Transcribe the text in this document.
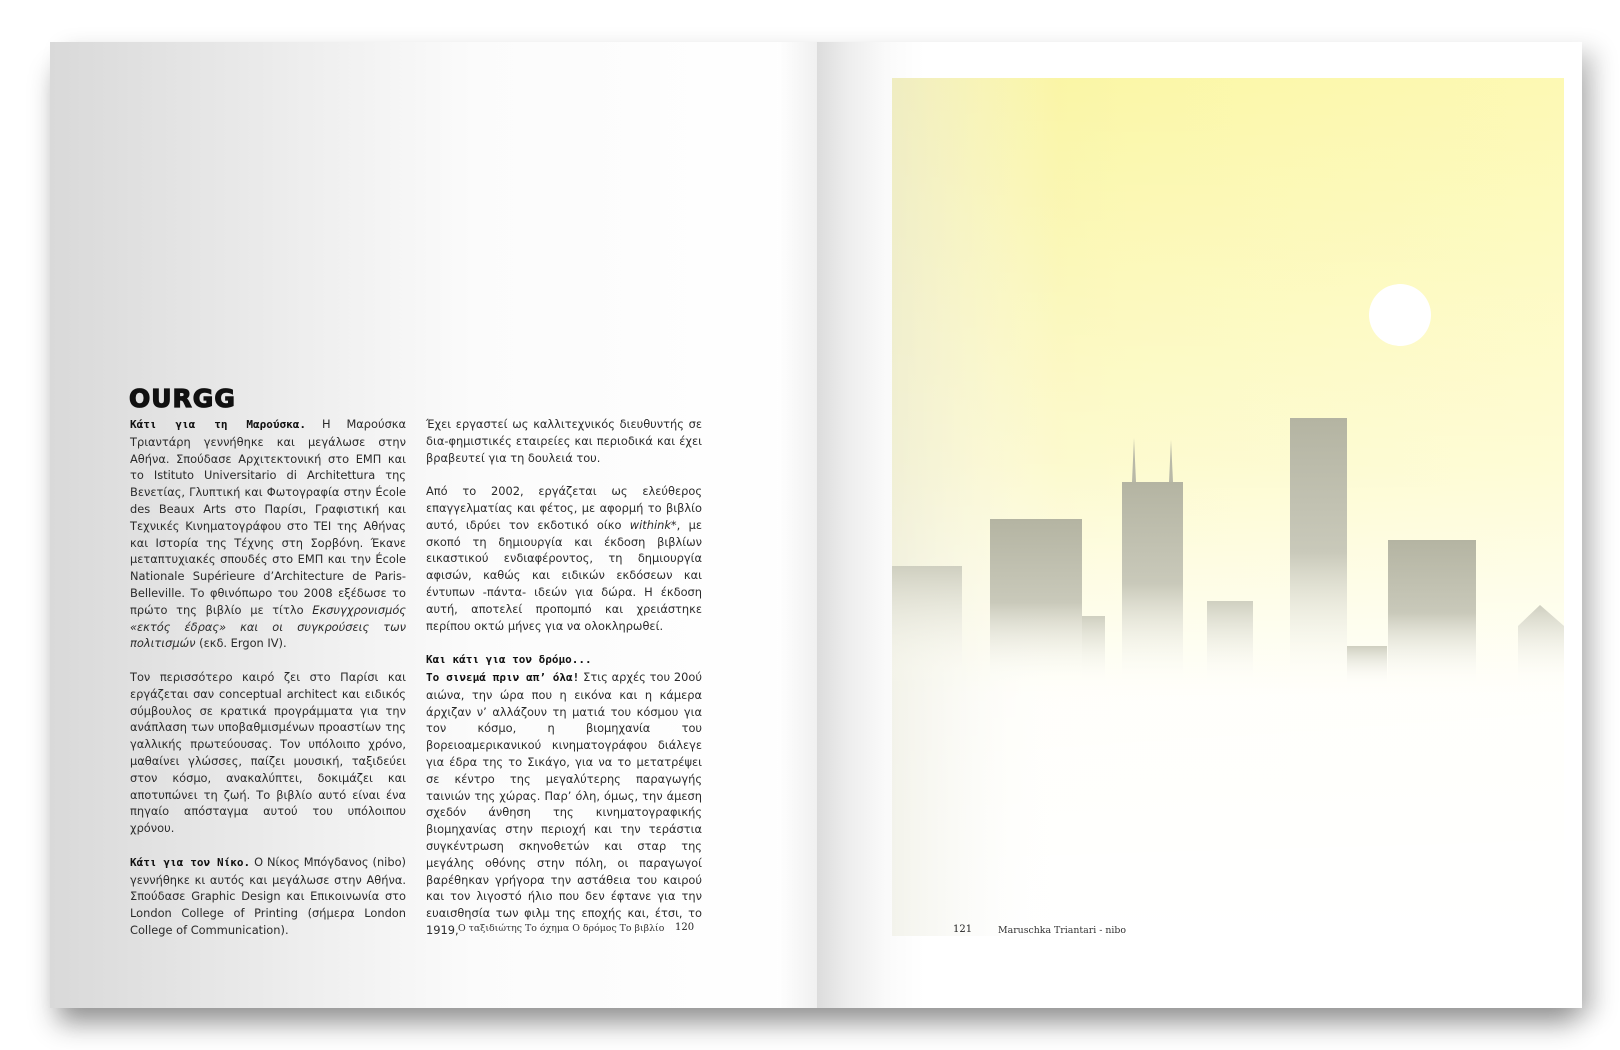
OURGG

Κάτι για τη Μαρούσκα. Η Μαρούσκα Τριαντάρη γεννήθηκε και μεγάλωσε στην Αθήνα. Σπούδασε Αρχιτεκτονική στο ΕΜΠ και το Istituto Universitario di Architettura της Βενετίας, Γλυπτική και Φωτογραφία στην École des Beaux Arts στο Παρίσι, Γραφιστική και Τεχνικές Κινηματογράφου στο ΤΕΙ της Αθήνας και Ιστορία της Τέχνης στη Σορβόνη. Έκανε μεταπτυχιακές σπουδές στο ΕΜΠ και την École Nationale Supérieure d’Architecture de Paris-Belleville. Το φθινόπωρο του 2008 εξέδωσε το πρώτο της βιβλίο με τίτλο Εκσυγχρονισμός «εκτός έδρας» και οι συγκρούσεις των πολιτισμών (εκδ. Ergon IV).

Τον περισσότερο καιρό ζει στο Παρίσι και εργάζεται σαν conceptual architect και ειδικός σύμβουλος σε κρατικά προγράμματα για την ανάπλαση των υποβαθμισμένων προαστίων της γαλλικής πρωτεύουσας. Τον υπόλοιπο χρόνο, μαθαίνει γλώσσες, παίζει μουσική, ταξιδεύει στον κόσμο, ανακαλύπτει, δοκιμάζει και αποτυπώνει τη ζωή. Το βιβλίο αυτό είναι ένα πηγαίο απόσταγμα αυτού του υπόλοιπου χρόνου.

Κάτι για τον Νίκο. Ο Νίκος Μπόγδανος (nibo) γεννήθηκε κι αυτός και μεγάλωσε στην Αθήνα. Σπούδασε Graphic Design και Επικοινωνία στο London College of Printing (σήμερα London College of Communication).

Έχει εργαστεί ως καλλιτεχνικός διευθυντής σε δια-φημιστικές εταιρείες και περιοδικά και έχει βραβευτεί για τη δουλειά του.

Από το 2002, εργάζεται ως ελεύθερος επαγγελματίας και φέτος, με αφορμή το βιβλίο αυτό, ιδρύει τον εκδοτικό οίκο withink*, με σκοπό τη δημιουργία και έκδοση βιβλίων εικαστικού ενδιαφέροντος, τη δημιουργία αφισών, καθώς και ειδικών εκδόσεων και έντυπων -πάντα- ιδεών για δώρα. Η έκδοση αυτή, αποτελεί προπομπό και χρειάστηκε περίπου οκτώ μήνες για να ολοκληρωθεί.

Και κάτι για τον δρόμο...
Το σινεμά πριν απ’ όλα! Στις αρχές του 20ού αιώνα, την ώρα που η εικόνα και η κάμερα άρχιζαν ν’ αλλάζουν τη ματιά του κόσμου για τον κόσμο, η βιομηχανία του βορειοαμερικανικού κινηματογράφου διάλεγε για έδρα της το Σικάγο, για να το μετατρέψει σε κέντρο της μεγαλύτερης παραγωγής ταινιών της χώρας. Παρ’ όλη, όμως, την άμεση σχεδόν άνθηση της κινηματογραφικής βιομηχανίας στην περιοχή και την τεράστια συγκέντρωση σκηνοθετών και σταρ της μεγάλης οθόνης στην πόλη, οι παραγωγοί βαρέθηκαν γρήγορα την αστάθεια του καιρού και τον λιγοστό ήλιο που δεν έφτανε για την ευαισθησία των φιλμ της εποχής και, έτσι, το 1919, Ο ταξιδιώτης Το όχημα Ο δρόμος Το βιβλίο 120	121	Maruschka Triantari - nibo
